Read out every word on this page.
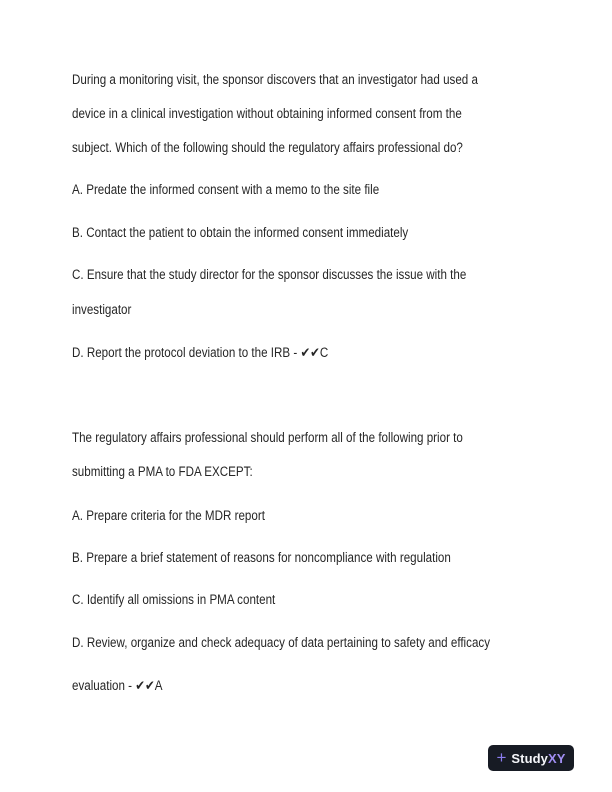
During a monitoring visit, the sponsor discovers that an investigator had used a
device in a clinical investigation without obtaining informed consent from the
subject. Which of the following should the regulatory affairs professional do?
A. Predate the informed consent with a memo to the site file
B. Contact the patient to obtain the informed consent immediately
C. Ensure that the study director for the sponsor discusses the issue with the
investigator
D. Report the protocol deviation to the IRB - ✔✔C
The regulatory affairs professional should perform all of the following prior to
submitting a PMA to FDA EXCEPT:
A. Prepare criteria for the MDR report
B. Prepare a brief statement of reasons for noncompliance with regulation
C. Identify all omissions in PMA content
D. Review, organize and check adequacy of data pertaining to safety and efficacy
evaluation - ✔✔A
+ StudyXY
